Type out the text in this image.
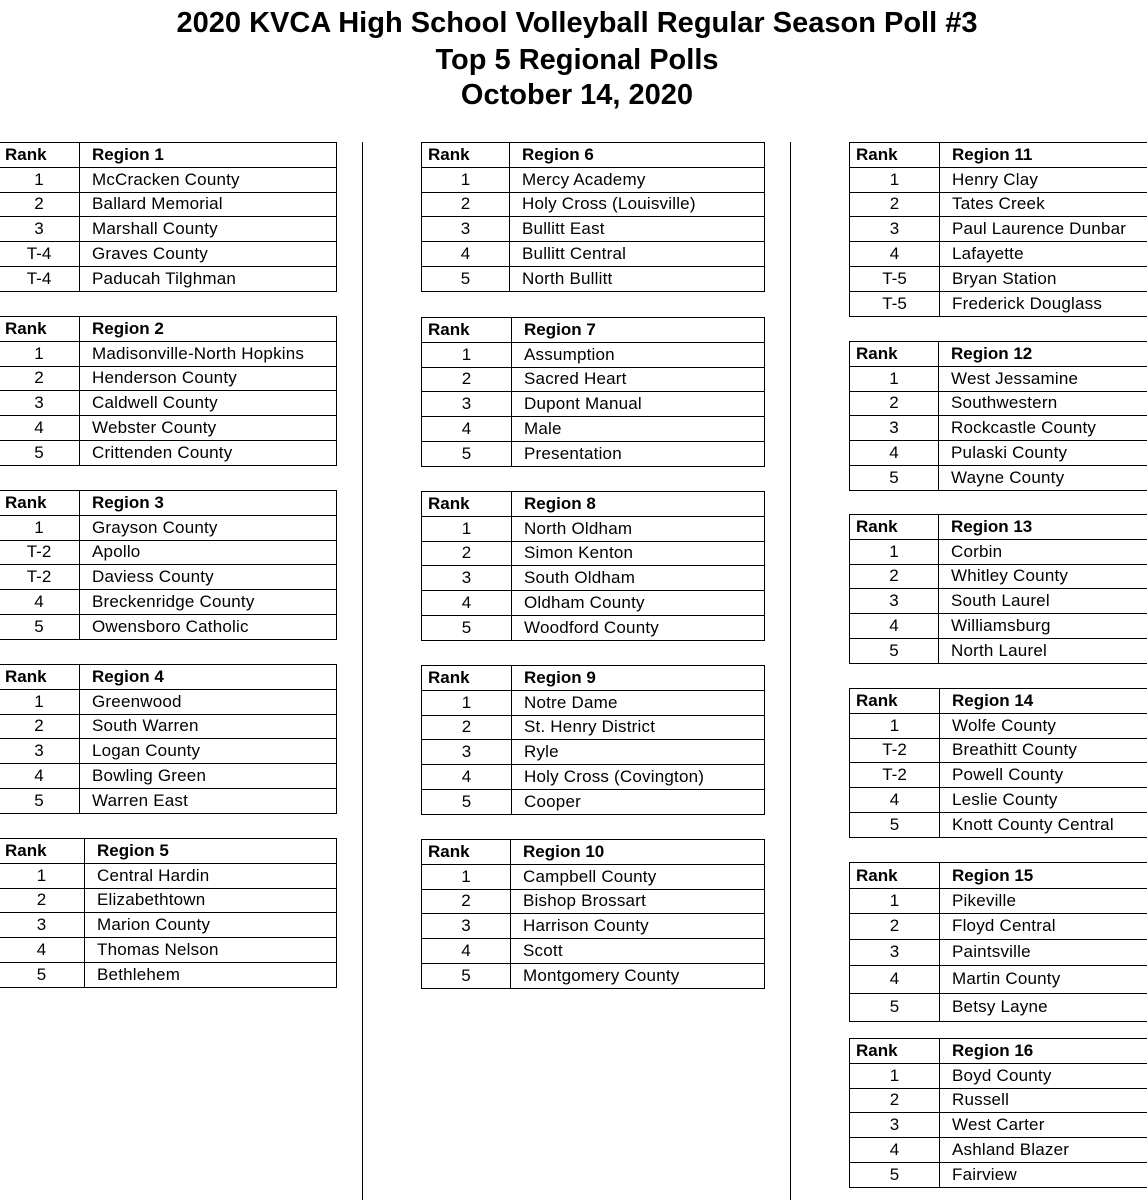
2020 KVCA High School Volleyball Regular Season Poll #3
Top 5 Regional Polls
October 14, 2020
Rank	Region 1
1	McCracken County
2	Ballard Memorial
3	Marshall County
T-4	Graves County
T-4	Paducah Tilghman
Rank	Region 2
1	Madisonville-North Hopkins
2	Henderson County
3	Caldwell County
4	Webster County
5	Crittenden County
Rank	Region 3
1	Grayson County
T-2	Apollo
T-2	Daviess County
4	Breckenridge County
5	Owensboro Catholic
Rank	Region 4
1	Greenwood
2	South Warren
3	Logan County
4	Bowling Green
5	Warren East
Rank	Region 5
1	Central Hardin
2	Elizabethtown
3	Marion County
4	Thomas Nelson
5	Bethlehem
Rank	Region 6
1	Mercy Academy
2	Holy Cross (Louisville)
3	Bullitt East
4	Bullitt Central
5	North Bullitt
Rank	Region 7
1	Assumption
2	Sacred Heart
3	Dupont Manual
4	Male
5	Presentation
Rank	Region 8
1	North Oldham
2	Simon Kenton
3	South Oldham
4	Oldham County
5	Woodford County
Rank	Region 9
1	Notre Dame
2	St. Henry District
3	Ryle
4	Holy Cross (Covington)
5	Cooper
Rank	Region 10
1	Campbell County
2	Bishop Brossart
3	Harrison County
4	Scott
5	Montgomery County
Rank	Region 11
1	Henry Clay
2	Tates Creek
3	Paul Laurence Dunbar
4	Lafayette
T-5	Bryan Station
T-5	Frederick Douglass
Rank	Region 12
1	West Jessamine
2	Southwestern
3	Rockcastle County
4	Pulaski County
5	Wayne County
Rank	Region 13
1	Corbin
2	Whitley County
3	South Laurel
4	Williamsburg
5	North Laurel
Rank	Region 14
1	Wolfe County
T-2	Breathitt County
T-2	Powell County
4	Leslie County
5	Knott County Central
Rank	Region 15
1	Pikeville
2	Floyd Central
3	Paintsville
4	Martin County
5	Betsy Layne
Rank	Region 16
1	Boyd County
2	Russell
3	West Carter
4	Ashland Blazer
5	Fairview
